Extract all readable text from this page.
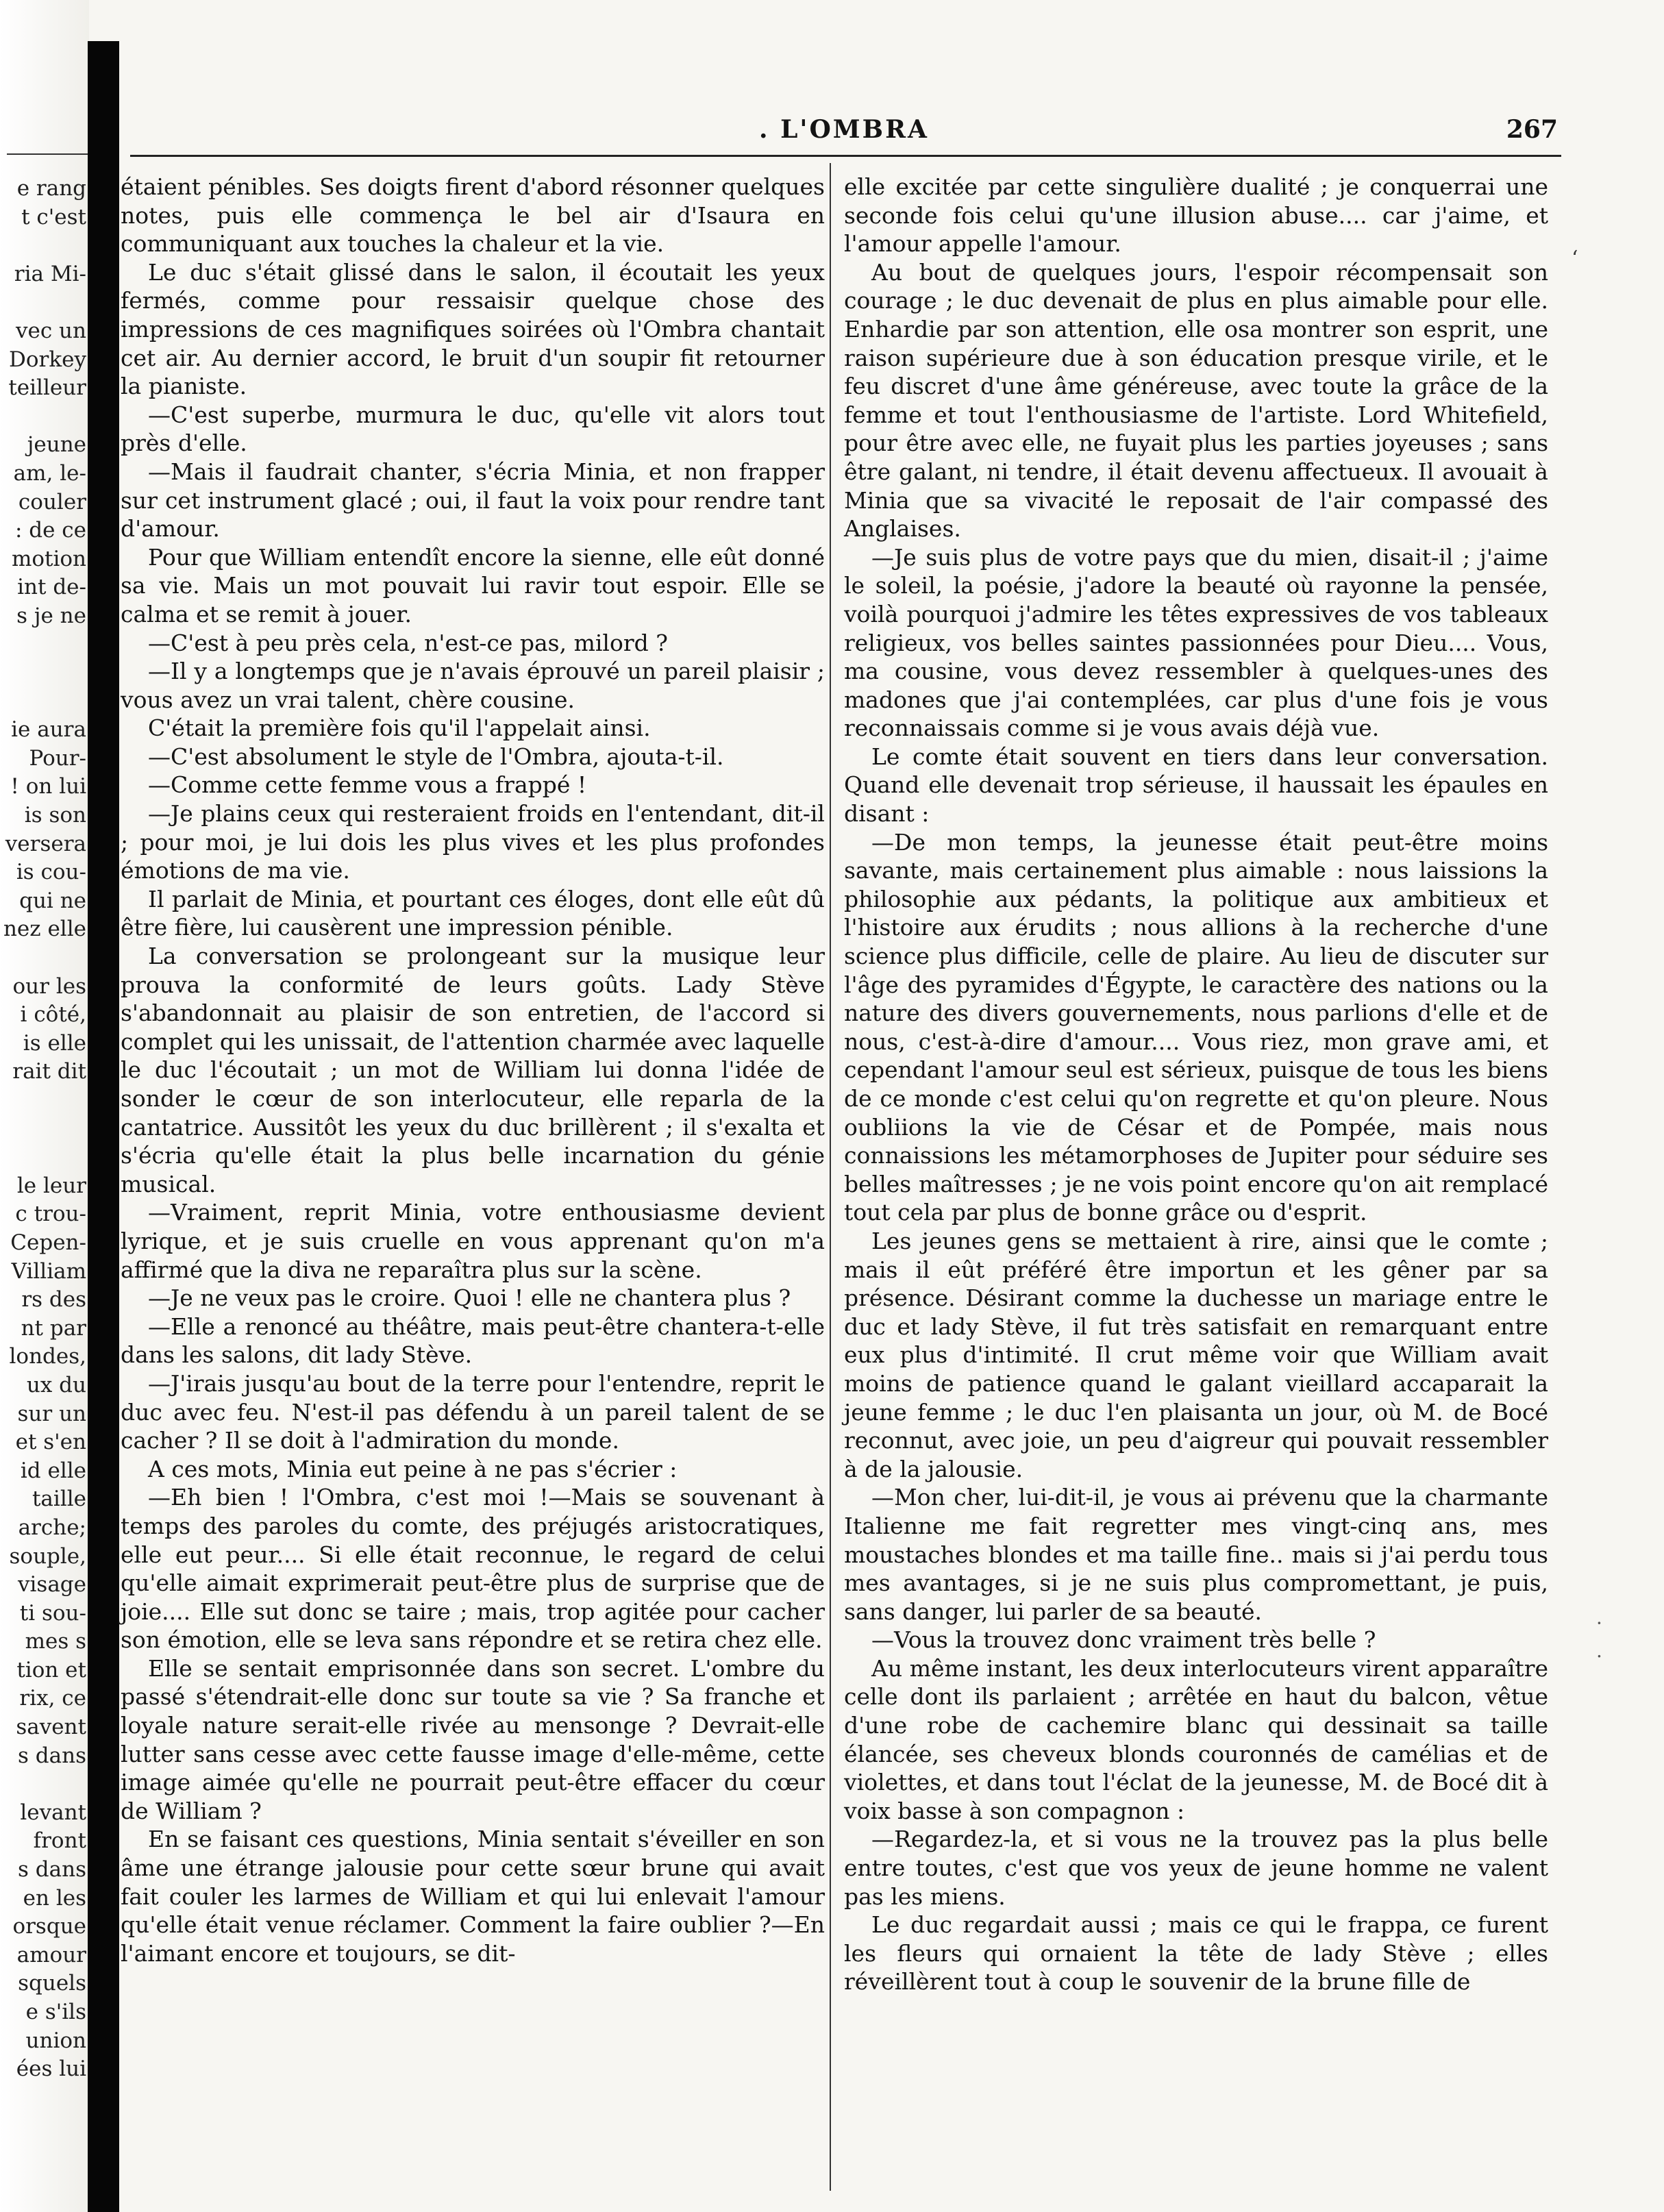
e rang
t c'est
ria Mi-
vec un
Dorkey
teilleur
jeune
am, le-
couler
: de ce
motion
int de-
s je ne
ie aura
Pour-
! on lui
is son
versera
is cou-
qui ne
nez elle
our les
i côté,
is elle
rait dit
le leur
c trou-
Cepen-
Villiam
rs des
nt par
londes,
ux du
sur un
et s'en
id elle
taille
arche;
souple,
visage
ti sou-
mes s
tion et
rix, ce
savent
s dans
levant
front
s dans
en les
orsque
amour
squels
e s'ils
union
ées lui
. L'OMBRA	267

étaient pénibles. Ses doigts firent d'abord résonner quelques notes, puis elle commença le bel air d'Isaura en communiquant aux touches la chaleur et la vie.

Le duc s'était glissé dans le salon, il écoutait les yeux fermés, comme pour ressaisir quelque chose des impressions de ces magnifiques soirées où l'Ombra chantait cet air. Au dernier accord, le bruit d'un soupir fit retourner la pianiste.

—C'est superbe, murmura le duc, qu'elle vit alors tout près d'elle.

—Mais il faudrait chanter, s'écria Minia, et non frapper sur cet instrument glacé ; oui, il faut la voix pour rendre tant d'amour.

Pour que William entendît encore la sienne, elle eût donné sa vie. Mais un mot pouvait lui ravir tout espoir. Elle se calma et se remit à jouer.

—C'est à peu près cela, n'est-ce pas, milord ?

—Il y a longtemps que je n'avais éprouvé un pareil plaisir ; vous avez un vrai talent, chère cousine.

C'était la première fois qu'il l'appelait ainsi.

—C'est absolument le style de l'Ombra, ajouta-t-il.

—Comme cette femme vous a frappé !

—Je plains ceux qui resteraient froids en l'entendant, dit-il ; pour moi, je lui dois les plus vives et les plus profondes émotions de ma vie.

Il parlait de Minia, et pourtant ces éloges, dont elle eût dû être fière, lui causèrent une impression pénible.

La conversation se prolongeant sur la musique leur prouva la conformité de leurs goûts. Lady Stève s'abandonnait au plaisir de son entretien, de l'accord si complet qui les unissait, de l'attention charmée avec laquelle le duc l'écoutait ; un mot de William lui donna l'idée de sonder le cœur de son interlocuteur, elle reparla de la cantatrice. Aussitôt les yeux du duc brillèrent ; il s'exalta et s'écria qu'elle était la plus belle incarnation du génie musical.

—Vraiment, reprit Minia, votre enthousiasme devient lyrique, et je suis cruelle en vous apprenant qu'on m'a affirmé que la diva ne reparaîtra plus sur la scène.

—Je ne veux pas le croire. Quoi ! elle ne chantera plus ?

—Elle a renoncé au théâtre, mais peut-être chantera-t-elle dans les salons, dit lady Stève.

—J'irais jusqu'au bout de la terre pour l'entendre, reprit le duc avec feu. N'est-il pas défendu à un pareil talent de se cacher ? Il se doit à l'admiration du monde.

A ces mots, Minia eut peine à ne pas s'écrier :

—Eh bien ! l'Ombra, c'est moi !—Mais se souvenant à temps des paroles du comte, des préjugés aristocratiques, elle eut peur.... Si elle était reconnue, le regard de celui qu'elle aimait exprimerait peut-être plus de surprise que de joie.... Elle sut donc se taire ; mais, trop agitée pour cacher son émotion, elle se leva sans répondre et se retira chez elle.

Elle se sentait emprisonnée dans son secret. L'ombre du passé s'étendrait-elle donc sur toute sa vie ? Sa franche et loyale nature serait-elle rivée au mensonge ? Devrait-elle lutter sans cesse avec cette fausse image d'elle-même, cette image aimée qu'elle ne pourrait peut-être effacer du cœur de William ?

En se faisant ces questions, Minia sentait s'éveiller en son âme une étrange jalousie pour cette sœur brune qui avait fait couler les larmes de William et qui lui enlevait l'amour qu'elle était venue réclamer. Comment la faire oublier ?—En l'aimant encore et toujours, se dit-

elle excitée par cette singulière dualité ; je conquerrai une seconde fois celui qu'une illusion abuse.... car j'aime, et l'amour appelle l'amour.

Au bout de quelques jours, l'espoir récompensait son courage ; le duc devenait de plus en plus aimable pour elle. Enhardie par son attention, elle osa montrer son esprit, une raison supérieure due à son éducation presque virile, et le feu discret d'une âme généreuse, avec toute la grâce de la femme et tout l'enthousiasme de l'artiste. Lord Whitefield, pour être avec elle, ne fuyait plus les parties joyeuses ; sans être galant, ni tendre, il était devenu affectueux. Il avouait à Minia que sa vivacité le reposait de l'air compassé des Anglaises.

—Je suis plus de votre pays que du mien, disait-il ; j'aime le soleil, la poésie, j'adore la beauté où rayonne la pensée, voilà pourquoi j'admire les têtes expressives de vos tableaux religieux, vos belles saintes passionnées pour Dieu.... Vous, ma cousine, vous devez ressembler à quelques-unes des madones que j'ai contemplées, car plus d'une fois je vous reconnaissais comme si je vous avais déjà vue.

Le comte était souvent en tiers dans leur conversation. Quand elle devenait trop sérieuse, il haussait les épaules en disant :

—De mon temps, la jeunesse était peut-être moins savante, mais certainement plus aimable : nous laissions la philosophie aux pédants, la politique aux ambitieux et l'histoire aux érudits ; nous allions à la recherche d'une science plus difficile, celle de plaire. Au lieu de discuter sur l'âge des pyramides d'Égypte, le caractère des nations ou la nature des divers gouvernements, nous parlions d'elle et de nous, c'est-à-dire d'amour.... Vous riez, mon grave ami, et cependant l'amour seul est sérieux, puisque de tous les biens de ce monde c'est celui qu'on regrette et qu'on pleure. Nous oubliions la vie de César et de Pompée, mais nous connaissions les métamorphoses de Jupiter pour séduire ses belles maîtresses ; je ne vois point encore qu'on ait remplacé tout cela par plus de bonne grâce ou d'esprit.

Les jeunes gens se mettaient à rire, ainsi que le comte ; mais il eût préféré être importun et les gêner par sa présence. Désirant comme la duchesse un mariage entre le duc et lady Stève, il fut très satisfait en remarquant entre eux plus d'intimité. Il crut même voir que William avait moins de patience quand le galant vieillard accaparait la jeune femme ; le duc l'en plaisanta un jour, où M. de Bocé reconnut, avec joie, un peu d'aigreur qui pouvait ressembler à de la jalousie.

—Mon cher, lui-dit-il, je vous ai prévenu que la charmante Italienne me fait regretter mes vingt-cinq ans, mes moustaches blondes et ma taille fine.. mais si j'ai perdu tous mes avantages, si je ne suis plus compromettant, je puis, sans danger, lui parler de sa beauté.

—Vous la trouvez donc vraiment très belle ?

Au même instant, les deux interlocuteurs virent apparaître celle dont ils parlaient ; arrêtée en haut du balcon, vêtue d'une robe de cachemire blanc qui dessinait sa taille élancée, ses cheveux blonds couronnés de camélias et de violettes, et dans tout l'éclat de la jeunesse, M. de Bocé dit à voix basse à son compagnon :

—Regardez-la, et si vous ne la trouvez pas la plus belle entre toutes, c'est que vos yeux de jeune homme ne valent pas les miens.

Le duc regardait aussi ; mais ce qui le frappa, ce furent les fleurs qui ornaient la tête de lady Stève ; elles réveillèrent tout à coup le souvenir de la brune fille de

‘
·
.
